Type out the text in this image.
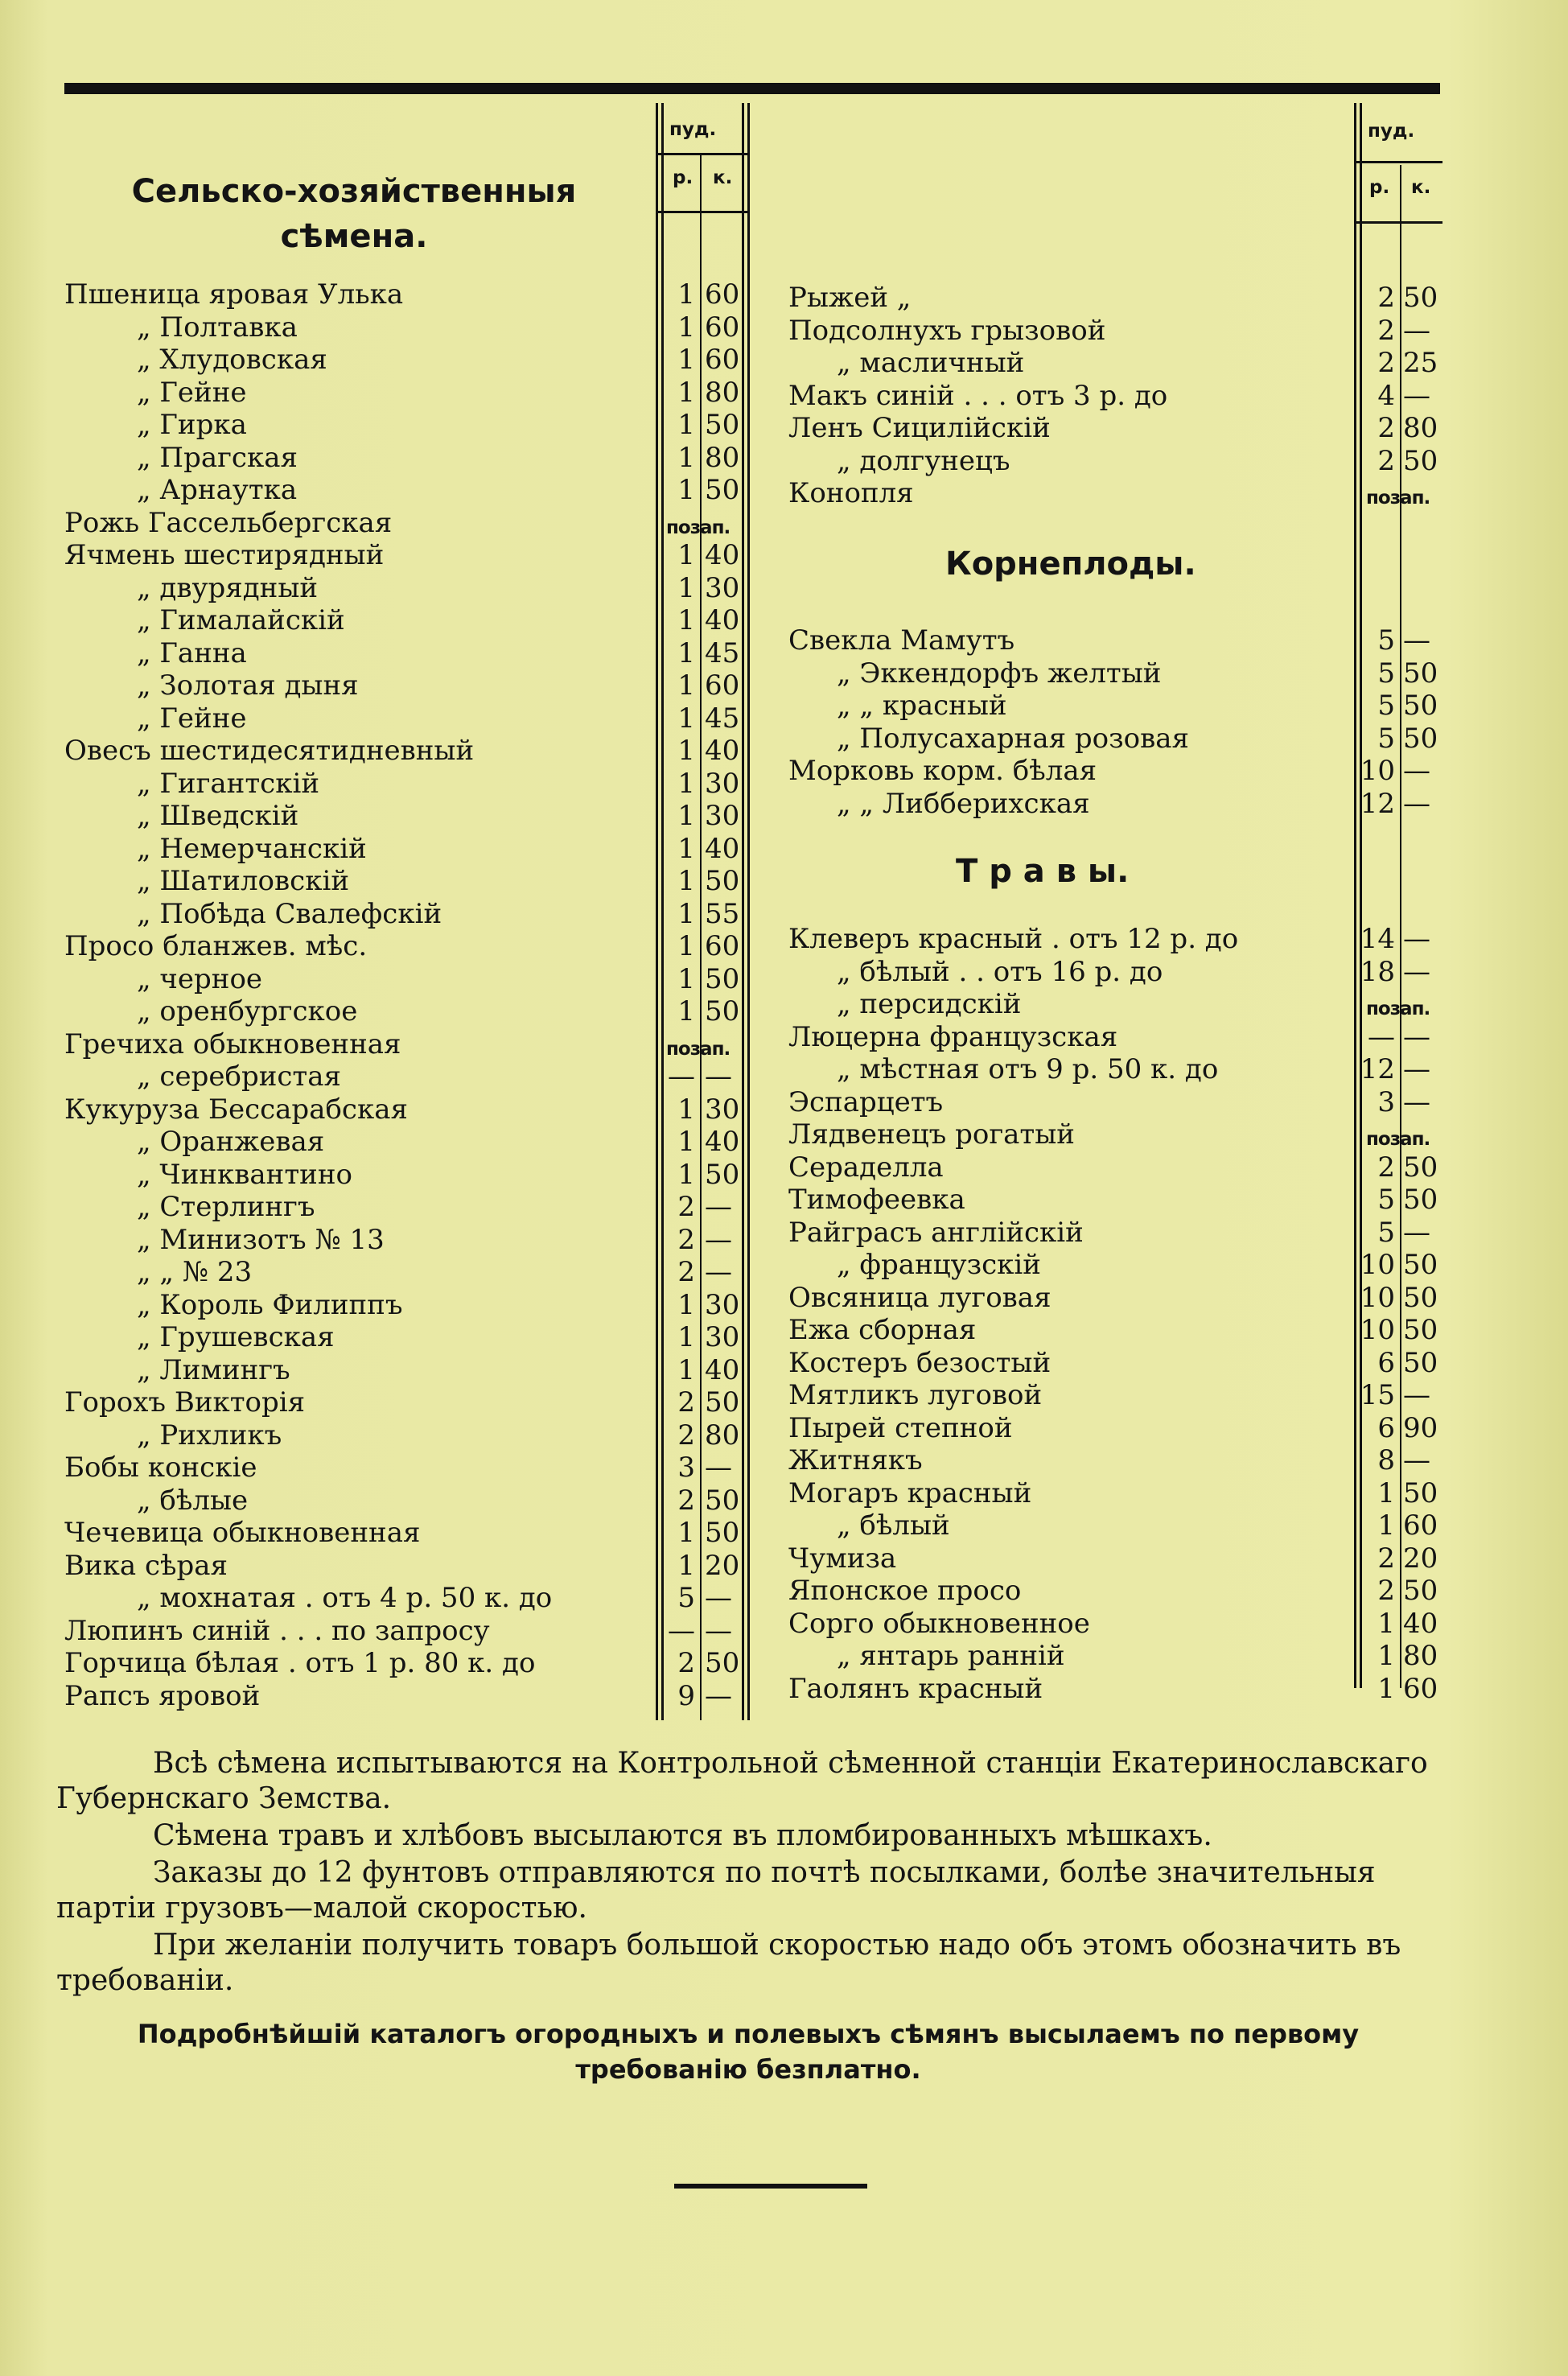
пуд.
р. к.
пуд.
р. к.
Сельско-хозяйственныя сѣмена.
Пшеница яровая Улька	1 60
„ Полтавка	1 60
„ Хлудовская	1 60
„ Гейне	1 80
„ Гирка	1 50
„ Прагская	1 80
„ Арнаутка	1 50
Рожь Гассельбергская	позап.
Ячмень шестирядный	1 40
„ двурядный	1 30
„ Гималайскій	1 40
„ Ганна	1 45
„ Золотая дыня	1 60
„ Гейне	1 45
Овесъ шестидесятидневный	1 40
„ Гигантскій	1 30
„ Шведскій	1 30
„ Немерчанскій	1 40
„ Шатиловскій	1 50
„ Побѣда Свалефскій	1 55
Просо бланжев. мѣс.	1 60
„ черное	1 50
„ оренбургское	1 50
Гречиха обыкновенная	позап.
„ серебристая	— —
Кукуруза Бессарабская	1 30
„ Оранжевая	1 40
„ Чинквантино	1 50
„ Стерлингъ	2 —
„ Минизотъ № 13	2 —
„ „ № 23	2 —
„ Король Филиппъ	1 30
„ Грушевская	1 30
„ Лимингъ	1 40
Горохъ Викторія	2 50
„ Рихликъ	2 80
Бобы конскіе	3 —
„ бѣлые	2 50
Чечевица обыкновенная	1 50
Вика сѣрая	1 20
„ мохнатая . отъ 4 р. 50 к. до	5 —
Люпинъ синій . . . по запросу	— —
Горчица бѣлая . отъ 1 р. 80 к. до	2 50
Рапсъ яровой	9 —
Рыжей „	2 50
Подсолнухъ грызовой	2 —
„ масличный	2 25
Макъ синій . . . отъ 3 р. до	4 —
Ленъ Сицилійскій	2 80
„ долгунецъ	2 50
Конопля	позап.
Корнеплоды.
Свекла Мамутъ	5 —
„ Эккендорфъ желтый	5 50
„ „ красный	5 50
„ Полусахарная розовая	5 50
Морковь корм. бѣлая	10 —
„ „ Либберихская	12 —
Т р а в ы.
Клеверъ красный . отъ 12 р. до	14 —
„ бѣлый . . отъ 16 р. до	18 —
„ персидскій	позап.
Люцерна французская	— —
„ мѣстная отъ 9 р. 50 к. до	12 —
Эспарцетъ	3 —
Лядвенецъ рогатый	позап.
Сераделла	2 50
Тимофеевка	5 50
Райграсъ англійскій	5 —
„ французскій	10 50
Овсяница луговая	10 50
Ежа сборная	10 50
Костеръ безостый	6 50
Мятликъ луговой	15 —
Пырей степной	6 90
Житнякъ	8 —
Могаръ красный	1 50
„ бѣлый	1 60
Чумиза	2 20
Японское просо	2 50
Сорго обыкновенное	1 40
„ янтарь ранній	1 80
Гаолянъ красный	1 60

Всѣ сѣмена испытываются на Контрольной сѣменной станціи Екатеринославскаго Губернскаго Земства.

Сѣмена травъ и хлѣбовъ высылаются въ пломбированныхъ мѣшкахъ.

Заказы до 12 фунтовъ отправляются по почтѣ посылками, болѣе значительныя партіи грузовъ—малой скоростью.

При желаніи получить товаръ большой скоростью надо объ этомъ обозначить въ требованіи.

Подробнѣйшій каталогъ огородныхъ и полевыхъ сѣмянъ высылаемъ по первому требованію безплатно.
